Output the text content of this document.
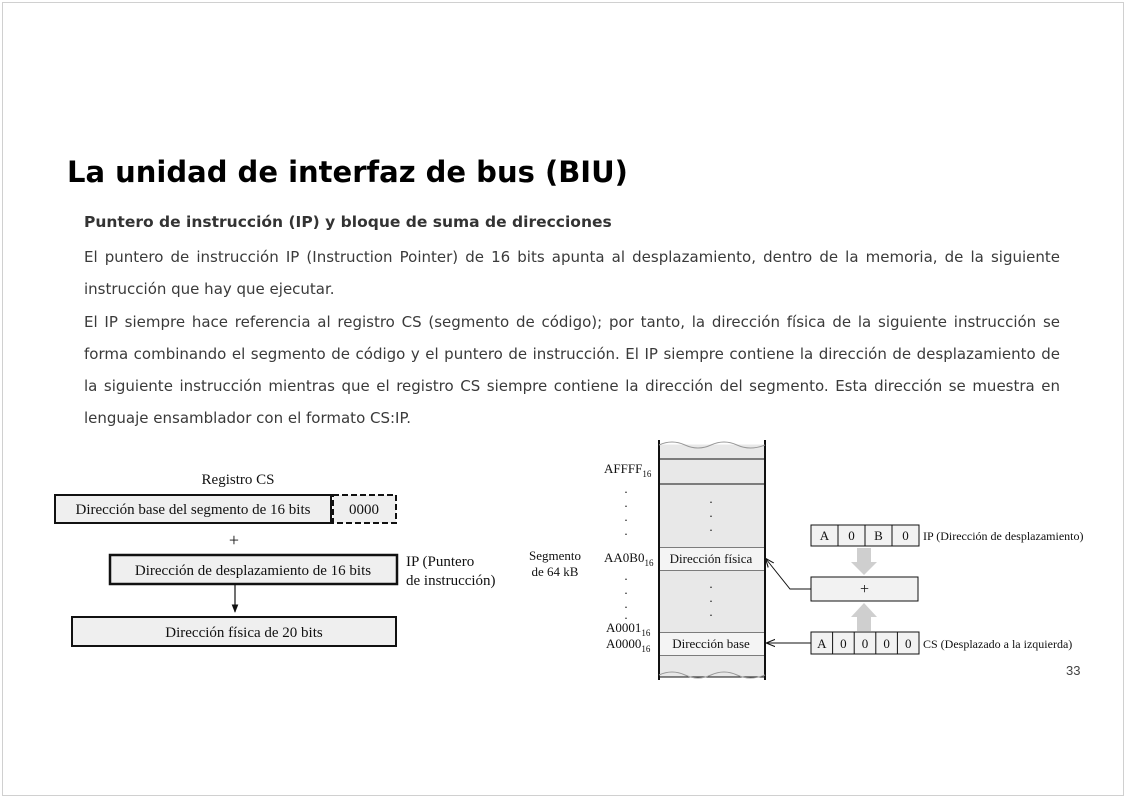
La unidad de interfaz de bus (BIU)

Puntero de instrucción (IP) y bloque de suma de direcciones

El puntero de instrucción IP (Instruction Pointer) de 16 bits apunta al desplazamiento, dentro de la memoria, de la siguiente instrucción que hay que ejecutar.

El IP siempre hace referencia al registro CS (segmento de código); por tanto, la dirección física de la siguiente instrucción se forma combinando el segmento de código y el puntero de instrucción. El IP siempre contiene la dirección de desplazamiento de la siguiente instrucción mientras que el registro CS siempre contiene la dirección del segmento. Esta dirección se muestra en lenguaje ensamblador con el formato CS:IP.

Registro CS
Dirección base del segmento de 16 bits	0000
+
Dirección de desplazamiento de 16 bits
IP (Puntero
de instrucción)
Dirección física de 20 bits
Dirección física
Dirección base
.
.
.
.
.
.
$AFFFF_{16}$
.
.
.
.
$AA0B0_{16}$
.
.
.
.
$A0001_{16}$
$A0000_{16}$
Segmento
de 64 kB
A 0 B 0 IP (Dirección de desplazamiento)
+
A 0 0 0 0 CS (Desplazado a la izquierda)
33
